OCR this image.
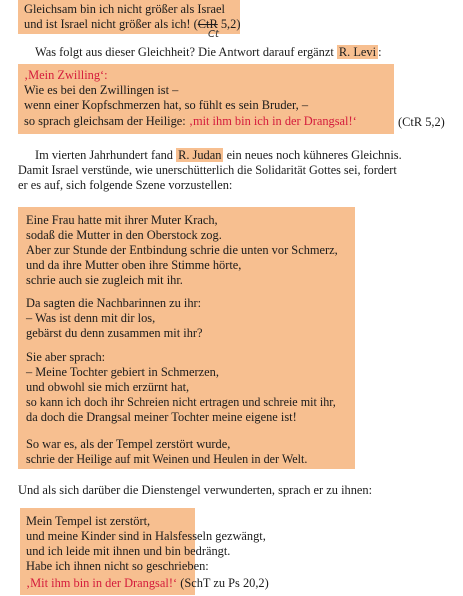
Gleichsam bin ich nicht größer als Israel
und ist Israel nicht größer als ich! (CtR 5,2)
Ct
Was folgt aus dieser Gleichheit? Die Antwort darauf ergänzt R. Levi :
‚Mein Zwilling‘:
Wie es bei den Zwillingen ist –
wenn einer Kopfschmerzen hat, so fühlt es sein Bruder, –
so sprach gleichsam der Heilige: ‚mit ihm bin ich in der Drangsal!‘	(CtR 5,2)
Im vierten Jahrhundert fand R. Judan ein neues noch kühneres Gleichnis.
Damit Israel verstünde, wie unerschütterlich die Solidarität Gottes sei, fordert
er es auf, sich folgende Szene vorzustellen:
Eine Frau hatte mit ihrer Muter Krach,
sodaß die Mutter in den Oberstock zog.
Aber zur Stunde der Entbindung schrie die unten vor Schmerz,
und da ihre Mutter oben ihre Stimme hörte,
schrie auch sie zugleich mit ihr.
Da sagten die Nachbarinnen zu ihr:
– Was ist denn mit dir los,
gebärst du denn zusammen mit ihr?
Sie aber sprach:
– Meine Tochter gebiert in Schmerzen,
und obwohl sie mich erzürnt hat,
so kann ich doch ihr Schreien nicht ertragen und schreie mit ihr,
da doch die Drangsal meiner Tochter meine eigene ist!
So war es, als der Tempel zerstört wurde,
schrie der Heilige auf mit Weinen und Heulen in der Welt.
Und als sich darüber die Dienstengel verwunderten, sprach er zu ihnen:
Mein Tempel ist zerstört,
und meine Kinder sind in Halsfesseln gezwängt,
und ich leide mit ihnen und bin bedrängt.
Habe ich ihnen nicht so geschrieben:
‚Mit ihm bin in der Drangsal!‘ (SchT zu Ps 20,2)
